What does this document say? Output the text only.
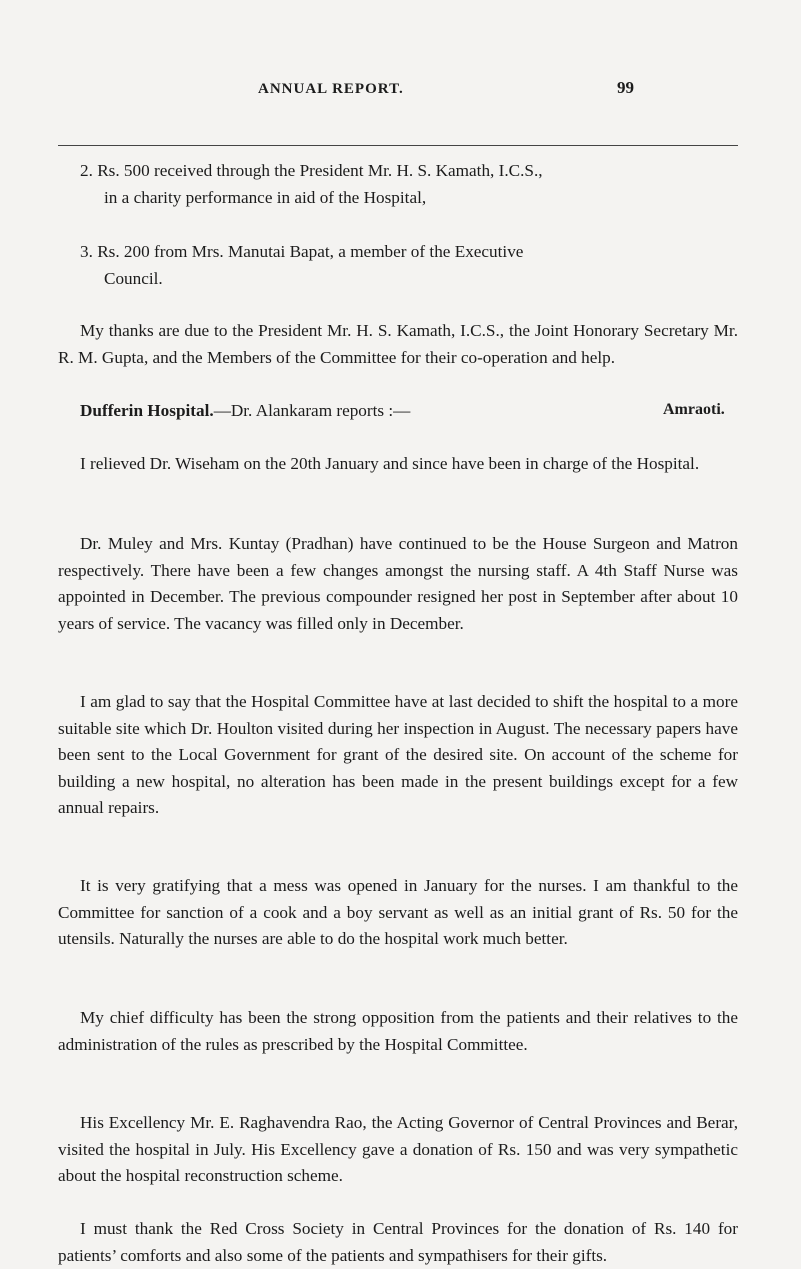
ANNUAL REPORT.	99
2. Rs. 500 received through the President Mr. H. S. Kamath, I.C.S.,
in a charity performance in aid of the Hospital,
3. Rs. 200 from Mrs. Manutai Bapat, a member of the Executive
Council.
My thanks are due to the President Mr. H. S. Kamath, I.C.S., the Joint Honorary Secretary Mr. R. M. Gupta, and the Members of the Committee for their co-operation and help.
Dufferin Hospital.—Dr. Alankaram reports :—	Amraoti.
I relieved Dr. Wiseham on the 20th January and since have been in charge of the Hospital.
Dr. Muley and Mrs. Kuntay (Pradhan) have continued to be the House Surgeon and Matron respectively. There have been a few changes amongst the nursing staff. A 4th Staff Nurse was appointed in December. The previous compounder resigned her post in September after about 10 years of service. The vacancy was filled only in December.
I am glad to say that the Hospital Committee have at last decided to shift the hospital to a more suitable site which Dr. Houlton visited during her inspection in August. The necessary papers have been sent to the Local Government for grant of the desired site. On account of the scheme for building a new hospital, no alteration has been made in the present buildings except for a few annual repairs.
It is very gratifying that a mess was opened in January for the nurses. I am thankful to the Committee for sanction of a cook and a boy servant as well as an initial grant of Rs. 50 for the utensils. Naturally the nurses are able to do the hospital work much better.
My chief difficulty has been the strong opposition from the patients and their relatives to the administration of the rules as prescribed by the Hospital Committee.
His Excellency Mr. E. Raghavendra Rao, the Acting Governor of Central Provinces and Berar, visited the hospital in July. His Excellency gave a donation of Rs. 150 and was very sympathetic about the hospital reconstruction scheme.
I must thank the Red Cross Society in Central Provinces for the donation of Rs. 140 for patients’ comforts and also some of the patients and sympathisers for their gifts.
